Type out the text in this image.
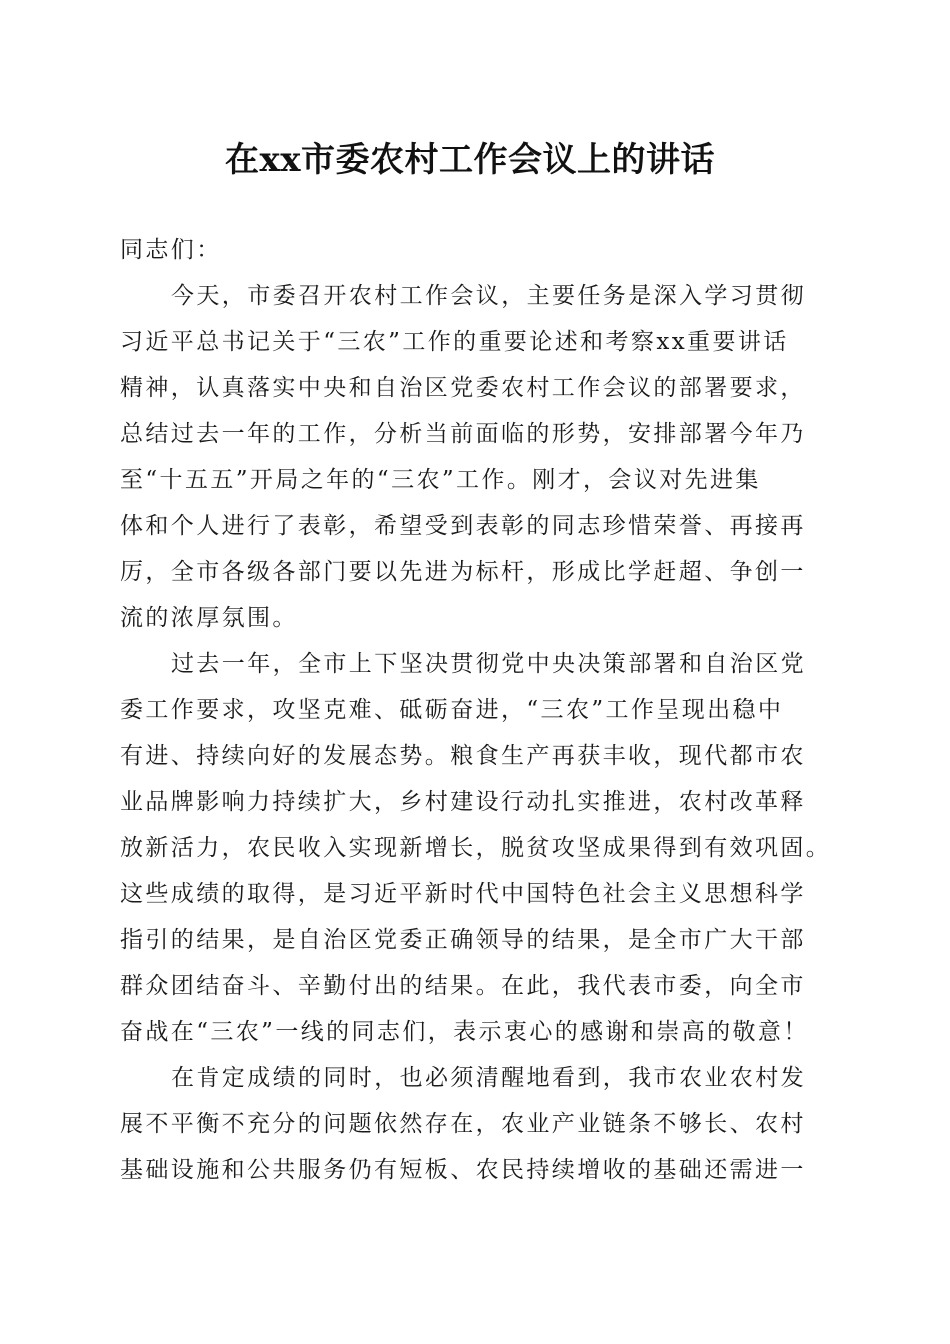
在xx市委农村工作会议上的讲话
同志们：
今天，市委召开农村工作会议，主要任务是深入学习贯彻
习近平总书记关于“三农”工作的重要论述和考察xx重要讲话
精神，认真落实中央和自治区党委农村工作会议的部署要求，
总结过去一年的工作，分析当前面临的形势，安排部署今年乃
至“十五五”开局之年的“三农”工作。刚才，会议对先进集
体和个人进行了表彰，希望受到表彰的同志珍惜荣誉、再接再
厉，全市各级各部门要以先进为标杆，形成比学赶超、争创一
流的浓厚氛围。
过去一年，全市上下坚决贯彻党中央决策部署和自治区党
委工作要求，攻坚克难、砥砺奋进，“三农”工作呈现出稳中
有进、持续向好的发展态势。粮食生产再获丰收，现代都市农
业品牌影响力持续扩大，乡村建设行动扎实推进，农村改革释
放新活力，农民收入实现新增长，脱贫攻坚成果得到有效巩固。
这些成绩的取得，是习近平新时代中国特色社会主义思想科学
指引的结果，是自治区党委正确领导的结果，是全市广大干部
群众团结奋斗、辛勤付出的结果。在此，我代表市委，向全市
奋战在“三农”一线的同志们，表示衷心的感谢和崇高的敬意！
在肯定成绩的同时，也必须清醒地看到，我市农业农村发
展不平衡不充分的问题依然存在，农业产业链条不够长、农村
基础设施和公共服务仍有短板、农民持续增收的基础还需进一
